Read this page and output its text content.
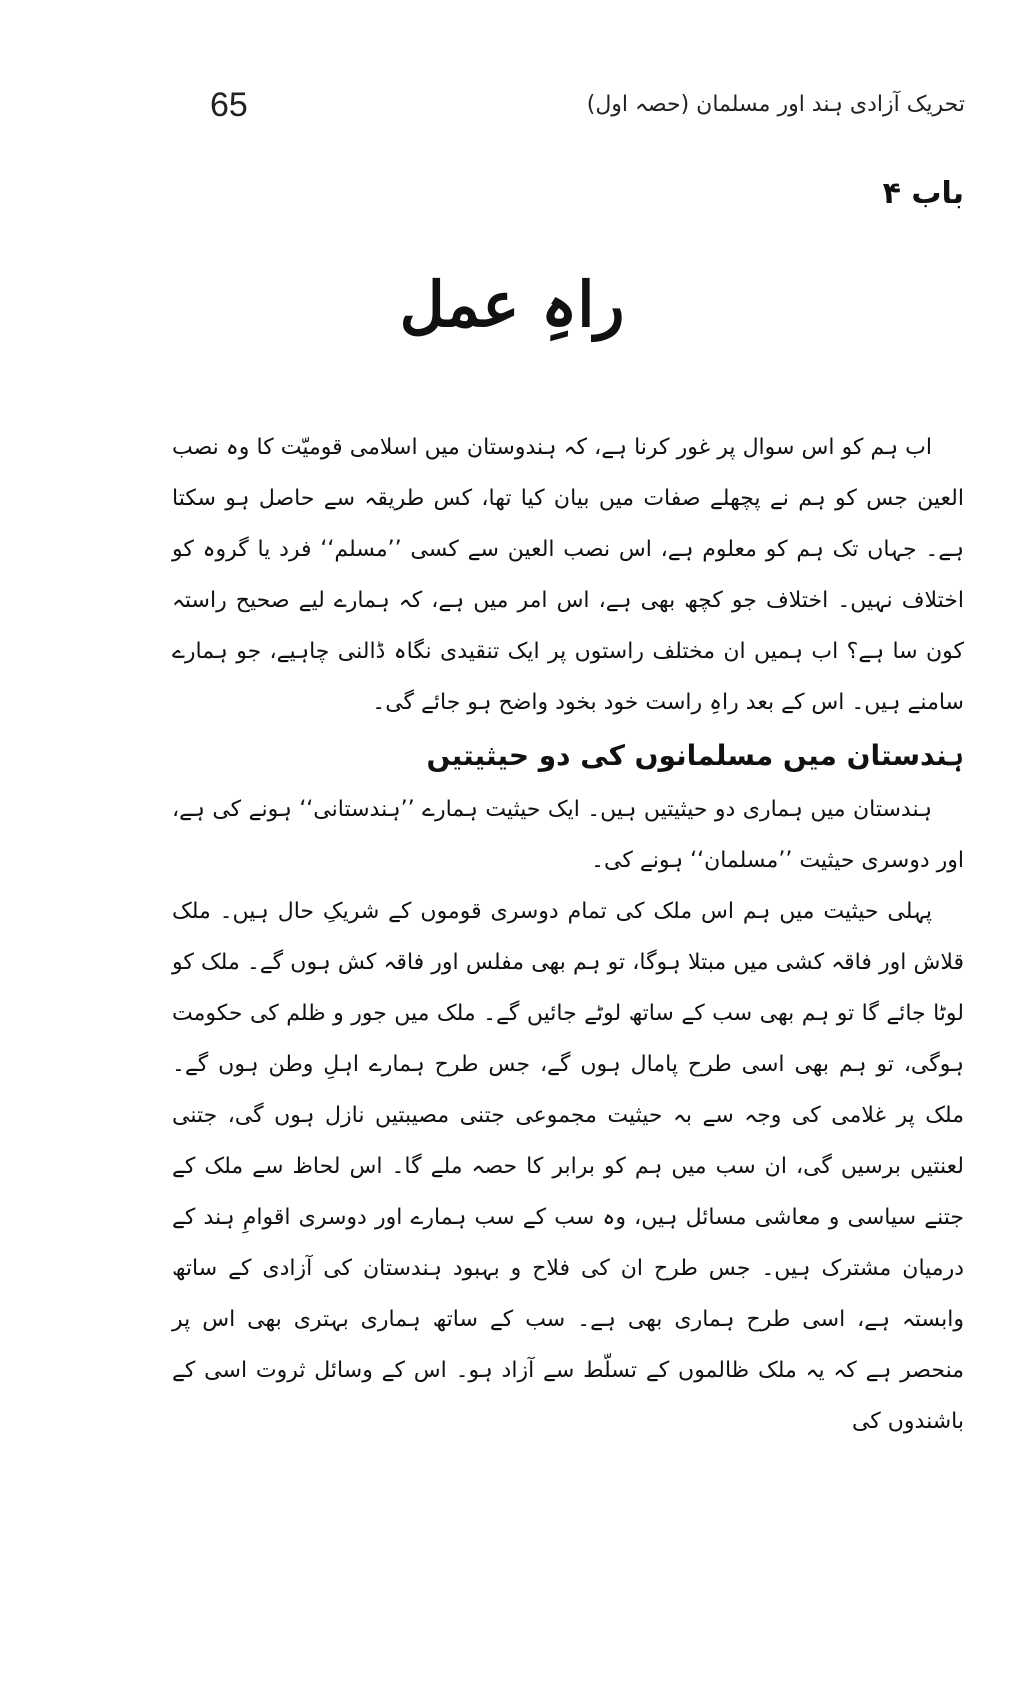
65	تحریک آزادی ہند اور مسلمان (حصہ اول)
باب ۴
راہِ عمل

اب ہم کو اس سوال پر غور کرنا ہے، کہ ہندوستان میں اسلامی قومیّت کا وہ نصب العین جس کو ہم نے پچھلے صفات میں بیان کیا تھا، کس طریقہ سے حاصل ہو سکتا ہے۔ جہاں تک ہم کو معلوم ہے، اس نصب العین سے کسی ’’مسلم‘‘ فرد یا گروہ کو اختلاف نہیں۔ اختلاف جو کچھ بھی ہے، اس امر میں ہے، کہ ہمارے لیے صحیح راستہ کون سا ہے؟ اب ہمیں ان مختلف راستوں پر ایک تنقیدی نگاہ ڈالنی چاہیے، جو ہمارے سامنے ہیں۔ اس کے بعد راہِ راست خود بخود واضح ہو جائے گی۔

ہندستان میں مسلمانوں کی دو حیثیتیں

ہندستان میں ہماری دو حیثیتیں ہیں۔ ایک حیثیت ہمارے ’’ہندستانی‘‘ ہونے کی ہے، اور دوسری حیثیت ’’مسلمان‘‘ ہونے کی۔

پہلی حیثیت میں ہم اس ملک کی تمام دوسری قوموں کے شریکِ حال ہیں۔ ملک قلاش اور فاقہ کشی میں مبتلا ہوگا، تو ہم بھی مفلس اور فاقہ کش ہوں گے۔ ملک کو لوٹا جائے گا تو ہم بھی سب کے ساتھ لوٹے جائیں گے۔ ملک میں جور و ظلم کی حکومت ہوگی، تو ہم بھی اسی طرح پامال ہوں گے، جس طرح ہمارے اہلِ وطن ہوں گے۔ ملک پر غلامی کی وجہ سے بہ حیثیت مجموعی جتنی مصیبتیں نازل ہوں گی، جتنی لعنتیں برسیں گی، ان سب میں ہم کو برابر کا حصہ ملے گا۔ اس لحاظ سے ملک کے جتنے سیاسی و معاشی مسائل ہیں، وہ سب کے سب ہمارے اور دوسری اقوامِ ہند کے درمیان مشترک ہیں۔ جس طرح ان کی فلاح و بہبود ہندستان کی آزادی کے ساتھ وابستہ ہے، اسی طرح ہماری بھی ہے۔ سب کے ساتھ ہماری بہتری بھی اس پر منحصر ہے کہ یہ ملک ظالموں کے تسلّط سے آزاد ہو۔ اس کے وسائل ثروت اسی کے باشندوں کی
